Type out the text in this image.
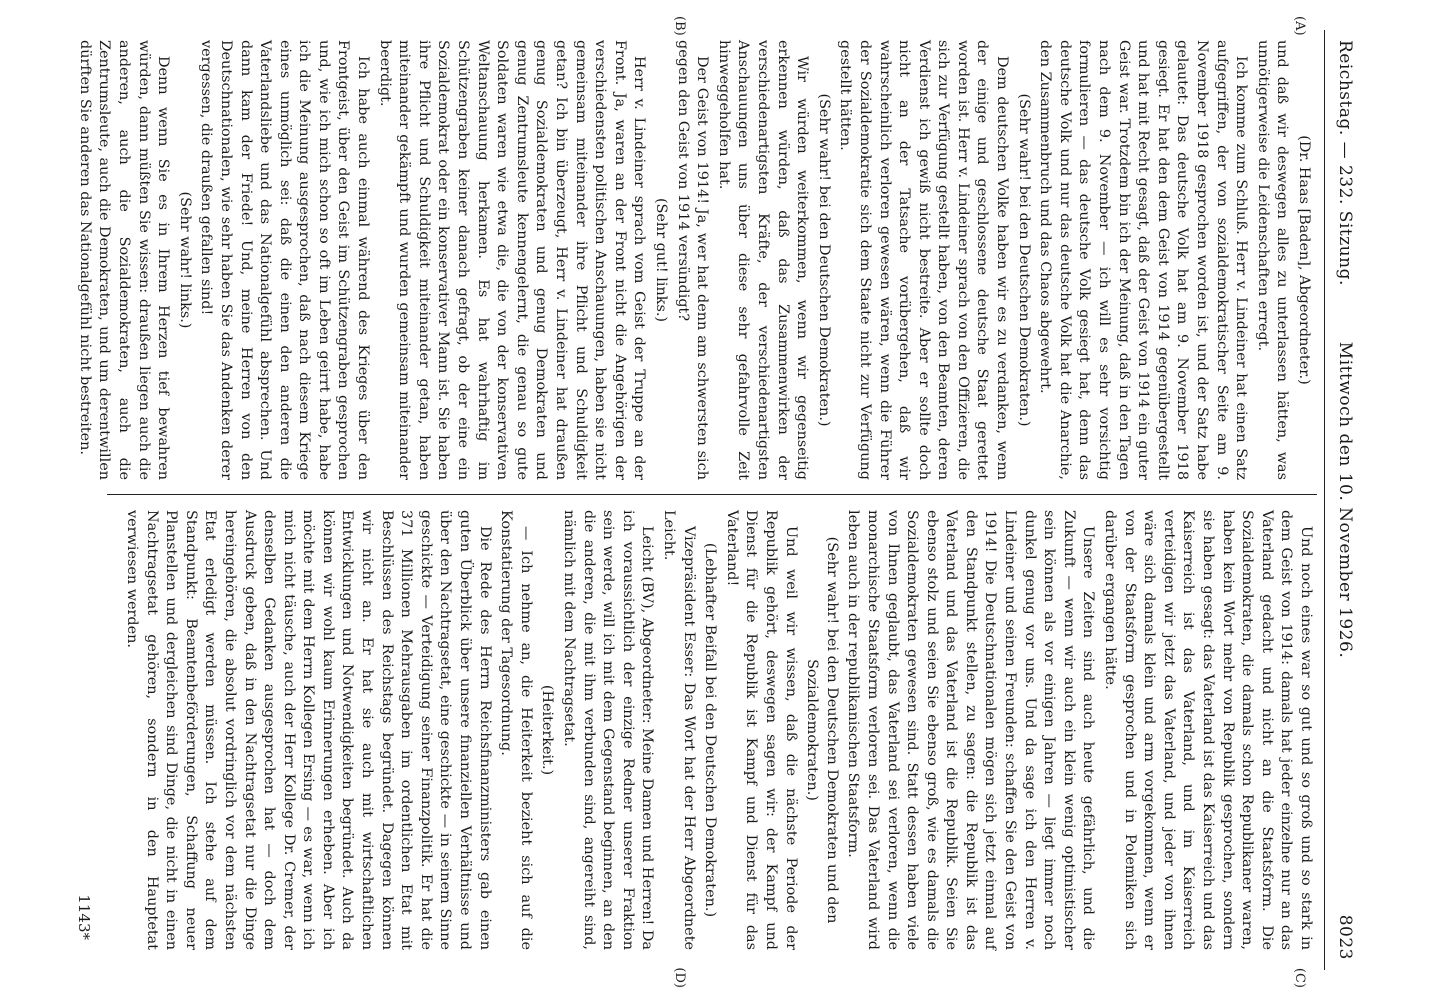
Reichstag. — 232. Sitzung.
Mittwoch den 10. November 1926.
8023
(A)
(B)
(C)
(D)

(Dr. Haas [Baden], Abgeordneter.)

und daß wir deswegen alles zu unterlassen hätten, was unnötigerweise die Leidenschaften erregt.

Ich komme zum Schluß. Herr v. Lindeiner hat einen Satz aufgegriffen, der von sozialdemokratischer Seite am 9. November 1918 gesprochen worden ist, und der Satz habe gelautet: Das deutsche Volk hat am 9. November 1918 gesiegt. Er hat den dem Geist von 1914 gegenübergestellt und hat mit Recht gesagt, daß der Geist von 1914 ein guter Geist war. Trotzdem bin ich der Meinung, daß in den Tagen nach dem 9. November — ich will es sehr vorsichtig formulieren — das deutsche Volk gesiegt hat, denn das deutsche Volk und nur das deutsche Volk hat die Anarchie, den Zusammenbruch und das Chaos abgewehrt.

(Sehr wahr! bei den Deutschen Demokraten.)

Dem deutschen Volke haben wir es zu verdanken, wenn der einige und geschlossene deutsche Staat gerettet worden ist. Herr v. Lindeiner sprach von den Offizieren, die sich zur Verfügung gestellt haben, von den Beamten, deren Verdienst ich gewiß nicht bestreite. Aber er sollte doch nicht an der Tatsache vorübergehen, daß wir wahrscheinlich verloren gewesen wären, wenn die Führer der Sozialdemokratie sich dem Staate nicht zur Verfügung gestellt hätten.

(Sehr wahr! bei den Deutschen Demokraten.)

Wir würden weiterkommen, wenn wir gegenseitig erkennen würden, daß das Zusammenwirken der verschiedenartigsten Kräfte, der verschiedenartigsten Anschauungen uns über diese sehr gefahrvolle Zeit hinweggeholfen hat.

Der Geist von 1914! Ja, wer hat denn am schwersten sich gegen den Geist von 1914 versündigt?

(Sehr gut! links.)

Herr v. Lindeiner sprach vom Geist der Truppe an der Front. Ja, waren an der Front nicht die Angehörigen der verschiedensten politischen Anschauungen, haben sie nicht gemeinsam miteinander ihre Pflicht und Schuldigkeit getan? Ich bin überzeugt, Herr v. Lindeiner hat draußen genug Sozialdemokraten und genug Demokraten und genug Zentrumsleute kennengelernt, die genau so gute Soldaten waren wie etwa die, die von der konservativen Weltanschauung herkamen. Es hat wahrhaftig im Schützengraben keiner danach gefragt, ob der eine ein Sozialdemokrat oder ein konservativer Mann ist. Sie haben ihre Pflicht und Schuldigkeit miteinander getan, haben miteinander gekämpft und wurden gemeinsam miteinander beerdigt.

Ich habe auch einmal während des Krieges über den Frontgeist, über den Geist im Schützengraben gesprochen und, wie ich mich schon so oft im Leben geirrt habe, habe ich die Meinung ausgesprochen, daß nach diesem Kriege eines unmöglich sei: daß die einen den anderen die Vaterlandsliebe und das Nationalgefühl absprechen. Und dann kam der Friede! Und, meine Herren von den Deutschnationalen, wie sehr haben Sie das Andenken derer vergessen, die draußen gefallen sind!

(Sehr wahr! links.)

Denn wenn Sie es in Ihrem Herzen tief bewahren würden, dann müßten Sie wissen: draußen liegen auch die anderen, auch die Sozialdemokraten, auch die Zentrumsleute, auch die Demokraten, und um derentwillen dürften Sie anderen das Nationalgefühl nicht bestreiten.

Und noch eines war so gut und so groß und so stark in dem Geist von 1914: damals hat jeder einzelne nur an das Vaterland gedacht und nicht an die Staatsform. Die Sozialdemokraten, die damals schon Republikaner waren, haben kein Wort mehr von Republik gesprochen, sondern sie haben gesagt: das Vaterland ist das Kaiserreich und das Kaiserreich ist das Vaterland, und im Kaiserreich verteidigen wir jetzt das Vaterland, und jeder von ihnen wäre sich damals klein und arm vorgekommen, wenn er von der Staatsform gesprochen und in Polemiken sich darüber ergangen hätte.

Unsere Zeiten sind auch heute gefährlich, und die Zukunft — wenn wir auch ein klein wenig optimistischer sein können als vor einigen Jahren — liegt immer noch dunkel genug vor uns. Und da sage ich den Herren v. Lindeiner und seinen Freunden: schaffen Sie den Geist von 1914! Die Deutschnationalen mögen sich jetzt einmal auf den Standpunkt stellen, zu sagen: die Republik ist das Vaterland und das Vaterland ist die Republik. Seien Sie ebenso stolz und seien Sie ebenso groß, wie es damals die Sozialdemokraten gewesen sind. Statt dessen haben viele von Ihnen geglaubt, das Vaterland sei verloren, wenn die monarchische Staatsform verloren sei. Das Vaterland wird leben auch in der republikanischen Staatsform.

(Sehr wahr! bei den Deutschen Demokraten und den Sozialdemokraten.)

Und weil wir wissen, daß die nächste Periode der Republik gehört, deswegen sagen wir: der Kampf und Dienst für die Republik ist Kampf und Dienst für das Vaterland!

(Lebhafter Beifall bei den Deutschen Demokraten.)

Vizepräsident Esser: Das Wort hat der Herr Abgeordnete Leicht.

Leicht (BV), Abgeordneter: Meine Damen und Herren! Da ich voraussichtlich der einzige Redner unserer Fraktion sein werde, will ich mit dem Gegenstand beginnen, an den die anderen, die mit ihm verbunden sind, angereiht sind, nämlich mit dem Nachtragsetat.

(Heiterkeit.)

— Ich nehme an, die Heiterkeit bezieht sich auf die Konstatierung der Tagesordnung.

Die Rede des Herrn Reichsfinanzministers gab einen guten Überblick über unsere finanziellen Verhältnisse und über den Nachtragsetat, eine geschickte — in seinem Sinne geschickte — Verteidigung seiner Finanzpolitik. Er hat die 371 Millionen Mehrausgaben im ordentlichen Etat mit Beschlüssen des Reichstags begründet. Dagegen können wir nicht an. Er hat sie auch mit wirtschaftlichen Entwicklungen und Notwendigkeiten begründet. Auch da können wir wohl kaum Erinnerungen erheben. Aber ich möchte mit dem Herrn Kollegen Ersing — es war, wenn ich mich nicht täusche, auch der Herr Kollege Dr. Cremer, der denselben Gedanken ausgesprochen hat — doch dem Ausdruck geben, daß in den Nachtragsetat nur die Dinge hereingehören, die absolut vordringlich vor dem nächsten Etat erledigt werden müssen. Ich stehe auf dem Standpunkt: Beamtenbeförderungen, Schaffung neuer Planstellen und dergleichen sind Dinge, die nicht in einen Nachtragsetat gehören, sondern in den Hauptetat verwiesen werden.

1143*
